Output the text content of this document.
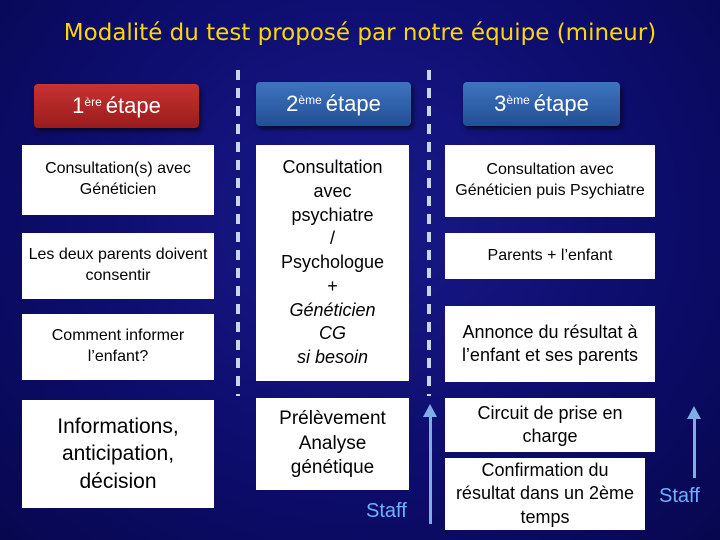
Modalité du test proposé par notre équipe (mineur)
1ère étape
Consultation(s) avec Généticien
Les deux parents doivent consentir
Comment informer l’enfant?
Informations, anticipation, décision
2ème étape
Consultation
avec
psychiatre
/
Psychologue
+
Généticien
CG
si besoin
Prélèvement Analyse génétique
Staff
3ème étape
Consultation avec Généticien puis Psychiatre
Parents + l’enfant
Annonce du résultat à l’enfant et ses parents
Circuit de prise en charge
Confirmation du résultat dans un 2ème temps
Staff
